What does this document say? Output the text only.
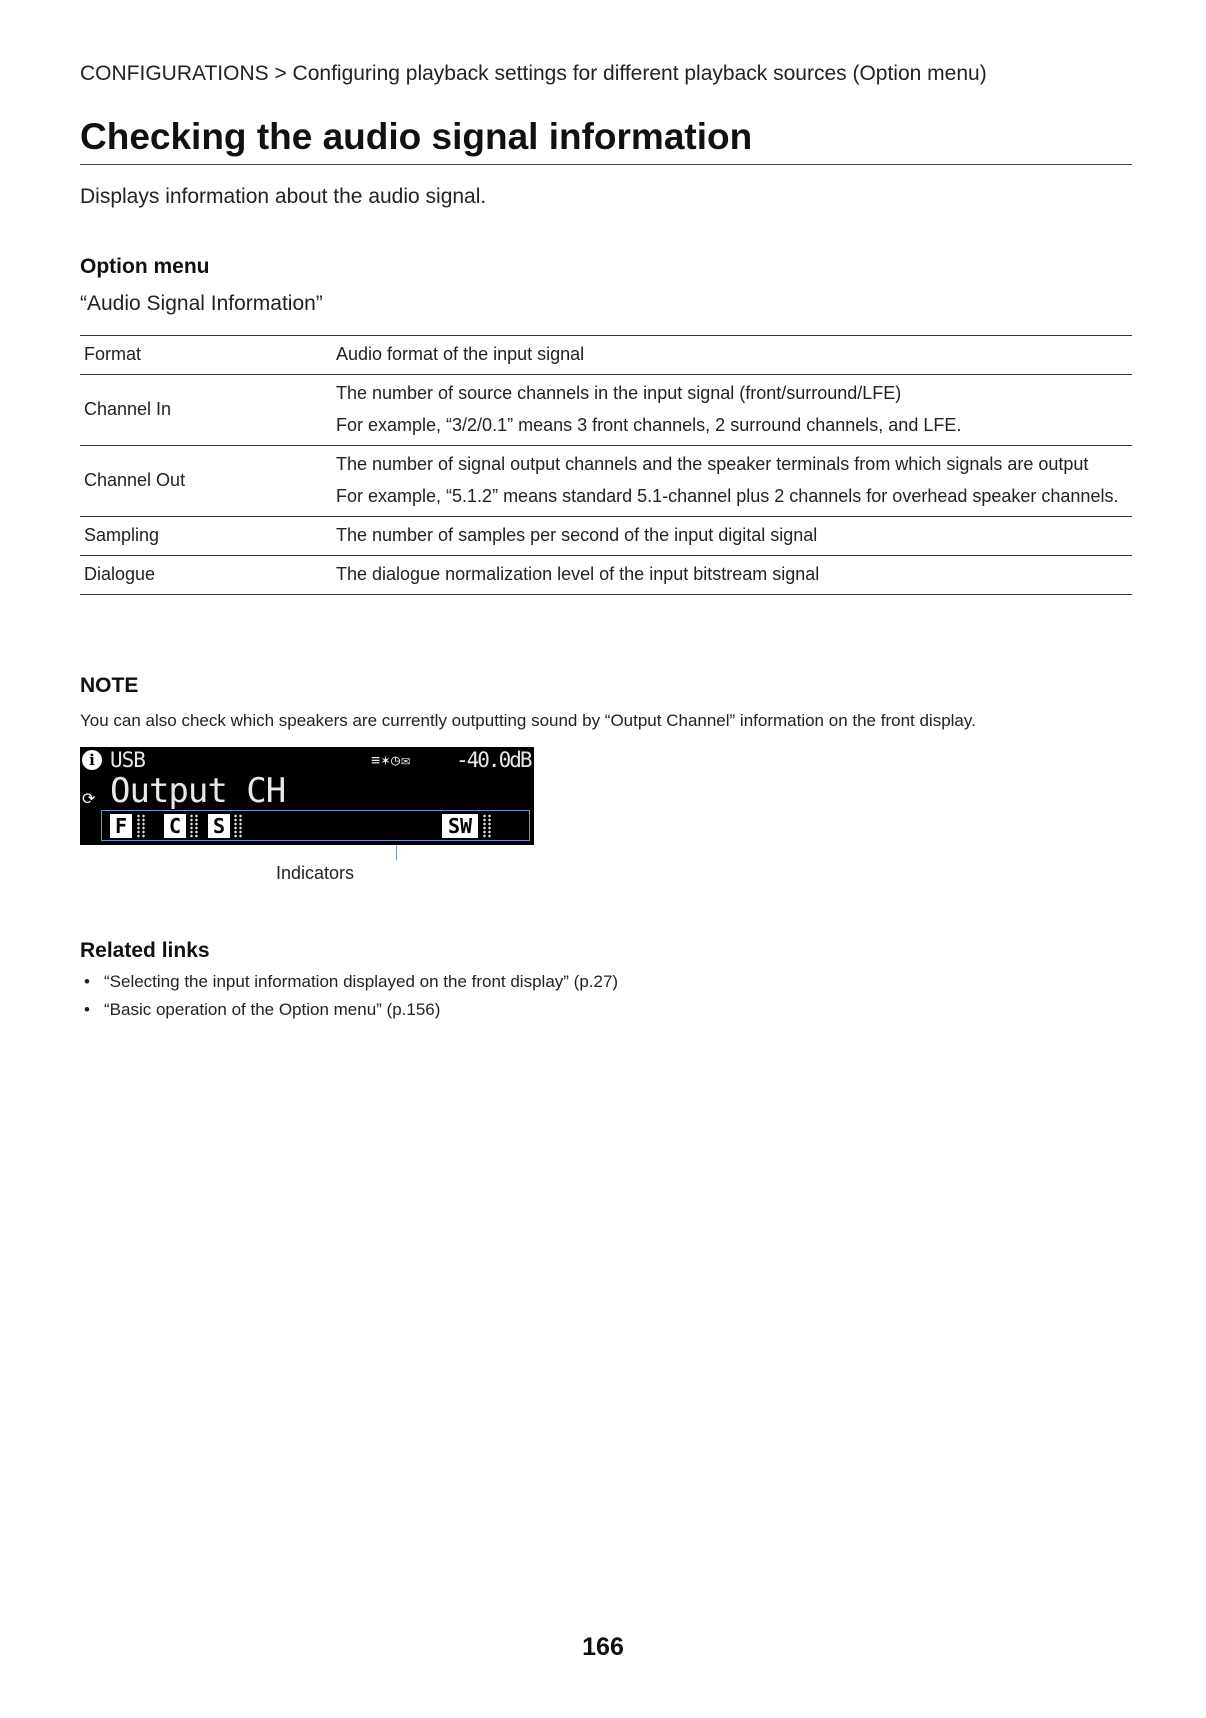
CONFIGURATIONS > Configuring playback settings for different playback sources (Option menu)
Checking the audio signal information
Displays information about the audio signal.
Option menu
“Audio Signal Information”
Format	Audio format of the input signal

Channel In	The number of source channels in the input signal (front/surround/LFE)

For example, “3/2/0.1” means 3 front channels, 2 surround channels, and LFE.

Channel Out	The number of signal output channels and the speaker terminals from which signals are output

For example, “5.1.2” means standard 5.1-channel plus 2 channels for overhead speaker channels.

Sampling	The number of samples per second of the input digital signal

Dialogue	The dialogue normalization level of the input bitstream signal

NOTE
You can also check which speakers are currently outputting sound by “Output Channel” information on the front display.
i USB	≡✶◷✉ -40.0dB
⟳ Output CH
F C S	SW
Indicators
Related links
• “Selecting the input information displayed on the front display” (p.27)
• “Basic operation of the Option menu” (p.156)
166
